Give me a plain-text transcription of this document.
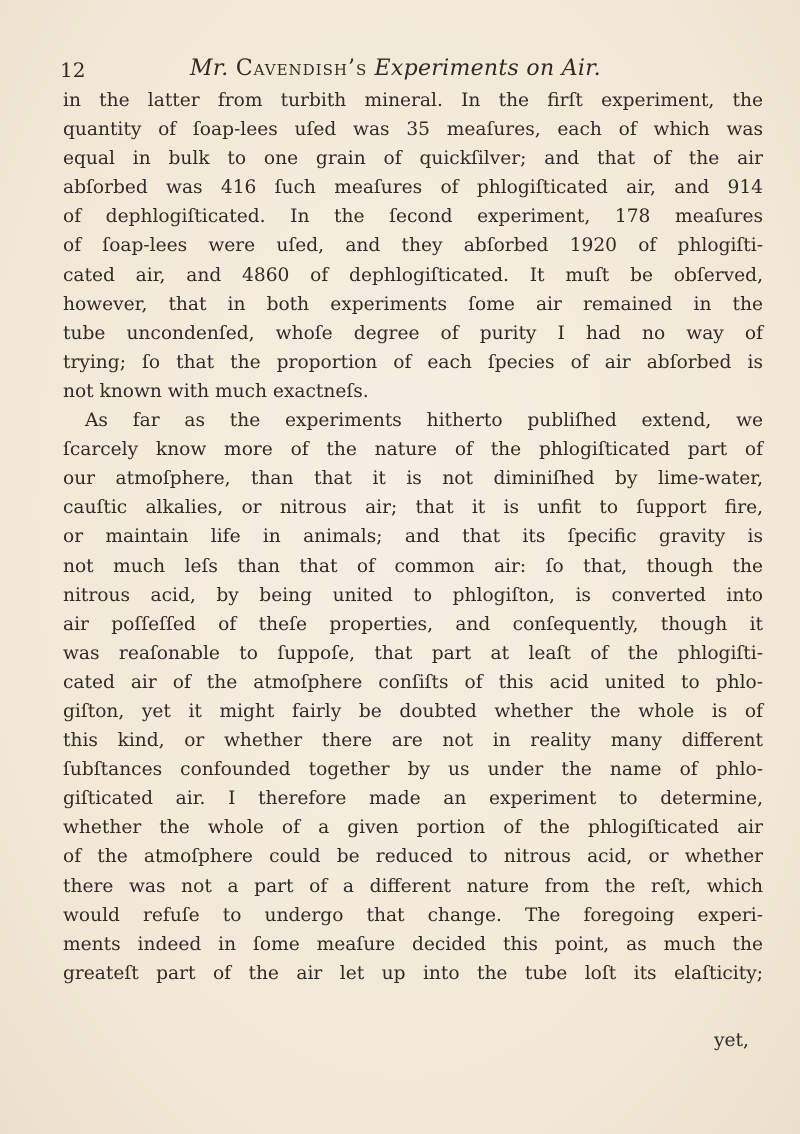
12	Mr. Cavendish’s Experiments on Air.
in the latter from turbith mineral. In the firſt experiment, the
quantity of ſoap-lees uſed was 35 meaſures, each of which was
equal in bulk to one grain of quickſilver; and that of the air
abſorbed was 416 ſuch meaſures of phlogiſticated air, and 914
of dephlogiſticated. In the ſecond experiment, 178 meaſures
of ſoap-lees were uſed, and they abſorbed 1920 of phlogiſti-
cated air, and 4860 of dephlogiſticated. It muſt be obſerved,
however, that in both experiments ſome air remained in the
tube uncondenſed, whoſe degree of purity I had no way of
trying; ſo that the proportion of each ſpecies of air abſorbed is
not known with much exactneſs.
As far as the experiments hitherto publiſhed extend, we
ſcarcely know more of the nature of the phlogiſticated part of
our atmoſphere, than that it is not diminiſhed by lime-water,
cauſtic alkalies, or nitrous air; that it is unfit to ſupport fire,
or maintain life in animals; and that its ſpecific gravity is
not much leſs than that of common air: ſo that, though the
nitrous acid, by being united to phlogiſton, is converted into
air poſſeſſed of theſe properties, and conſequently, though it
was reaſonable to ſuppoſe, that part at leaſt of the phlogiſti-
cated air of the atmoſphere conſiſts of this acid united to phlo-
giſton, yet it might fairly be doubted whether the whole is of
this kind, or whether there are not in reality many different
ſubſtances confounded together by us under the name of phlo-
giſticated air. I therefore made an experiment to determine,
whether the whole of a given portion of the phlogiſticated air
of the atmoſphere could be reduced to nitrous acid, or whether
there was not a part of a different nature from the reſt, which
would refuſe to undergo that change. The foregoing experi-
ments indeed in ſome meaſure decided this point, as much the
greateſt part of the air let up into the tube loſt its elaſticity;
yet,
